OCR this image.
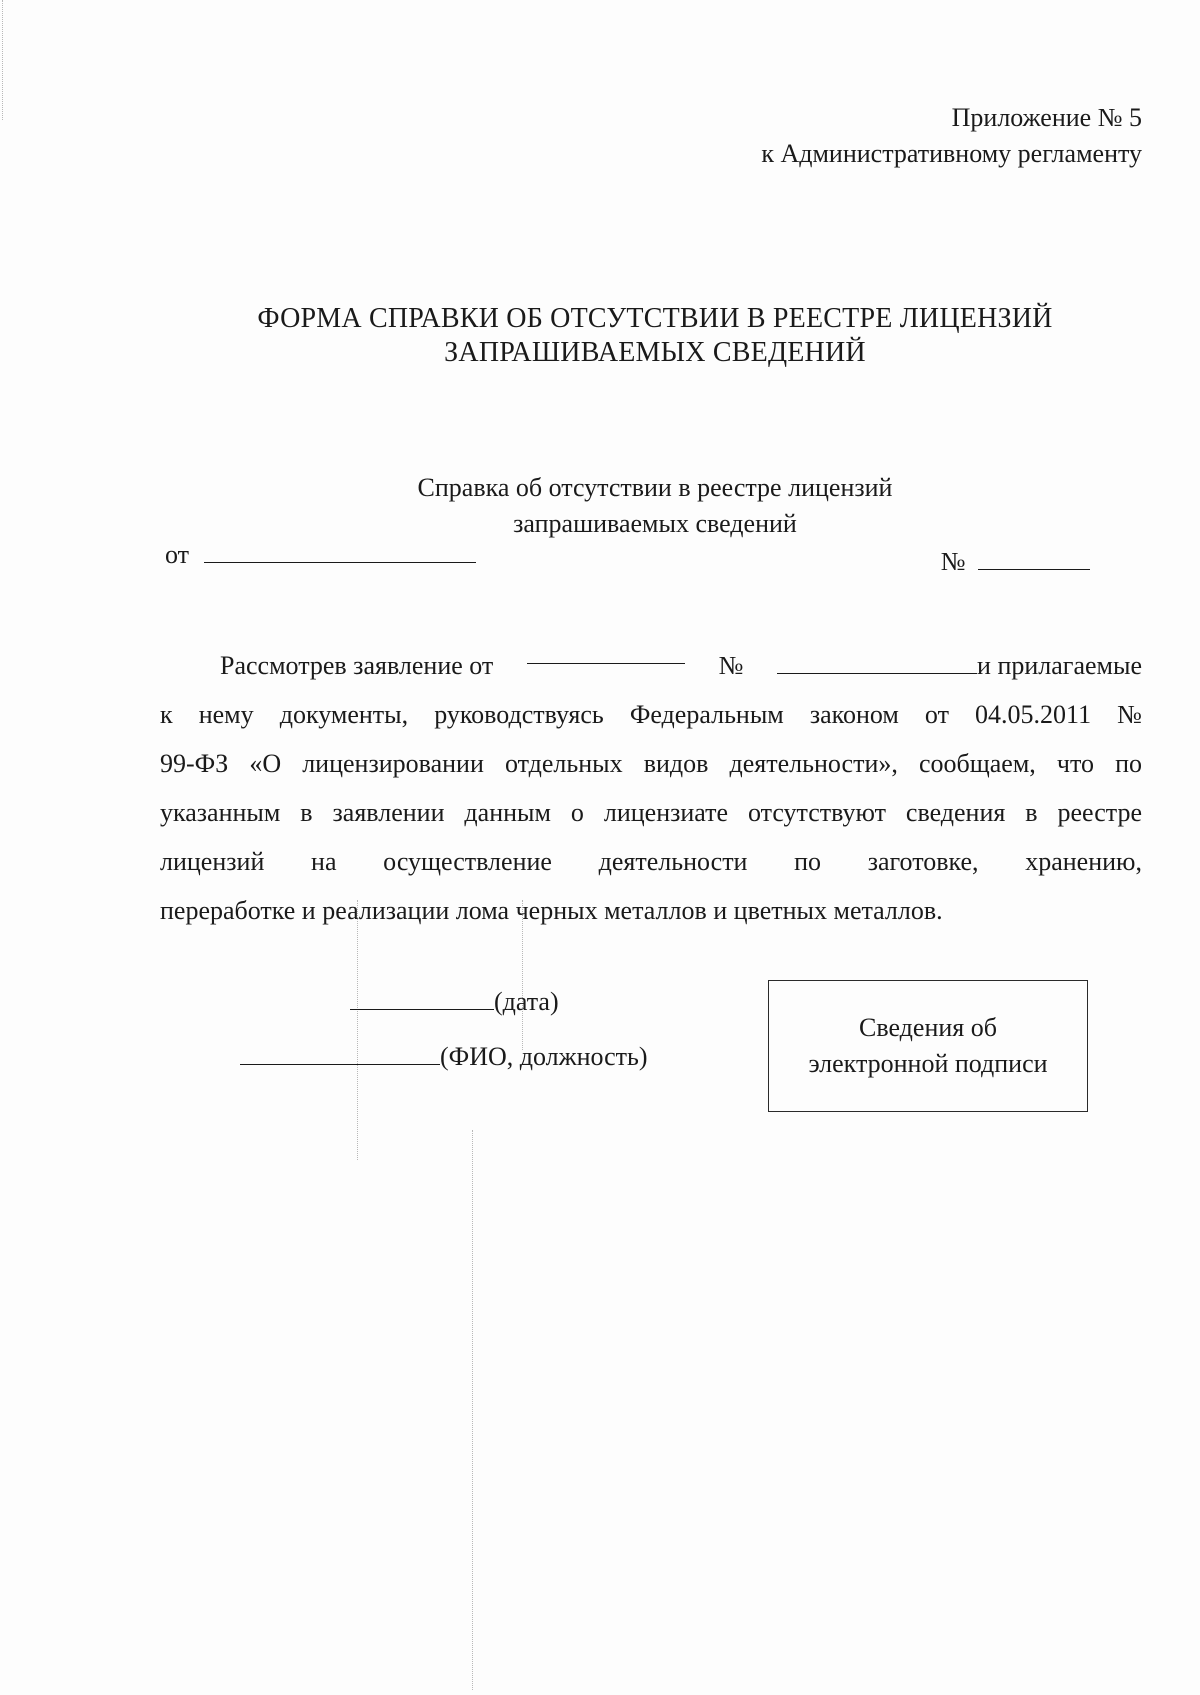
Приложение № 5
к Административному регламенту
ФОРМА СПРАВКИ ОБ ОТСУТСТВИИ В РЕЕСТРЕ ЛИЦЕНЗИЙ
ЗАПРАШИВАЕМЫХ СВЕДЕНИЙ
Справка об отсутствии в реестре лицензий
запрашиваемых сведений
от	№
Рассмотрев заявление от	№	и прилагаемые
к нему документы, руководствуясь Федеральным законом от 04.05.2011 №
99-ФЗ «О лицензировании отдельных видов деятельности», сообщаем, что по
указанным в заявлении данным о лицензиате отсутствуют сведения в реестре
лицензий на осуществление деятельности по заготовке, хранению,
переработке и реализации лома черных металлов и цветных металлов.
(дата)
(ФИО, должность)
Сведения об
электронной подписи
